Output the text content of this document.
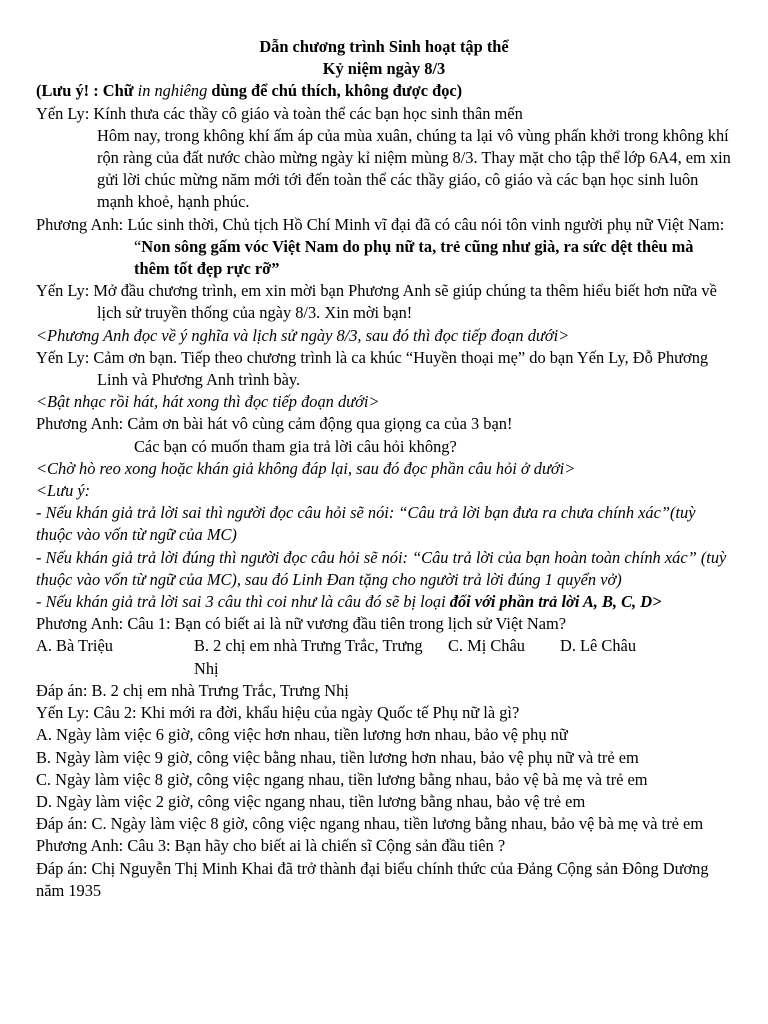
Dẫn chương trình Sinh hoạt tập thể

Kỷ niệm ngày 8/3

(Lưu ý! : Chữ in nghiêng dùng để chú thích, không được đọc)

Yến Ly: Kính thưa các thầy cô giáo và toàn thể các bạn học sinh thân mến

Hôm nay, trong không khí ấm áp của mùa xuân, chúng ta lại vô vùng phấn khởi trong không khí rộn ràng của đất nước chào mừng ngày kỉ niệm mùng 8/3. Thay mặt cho tập thể lớp 6A4, em xin gửi lời chúc mừng năm mới tới đến toàn thể các thầy giáo, cô giáo và các bạn học sinh luôn mạnh khoẻ, hạnh phúc.

Phương Anh: Lúc sinh thời, Chủ tịch Hồ Chí Minh vĩ đại đã có câu nói tôn vinh người phụ nữ Việt Nam: “Non sông gấm vóc Việt Nam do phụ nữ ta, trẻ cũng như già, ra sức dệt thêu mà thêm tốt đẹp rực rỡ”

Yến Ly: Mở đầu chương trình, em xin mời bạn Phương Anh sẽ giúp chúng ta thêm hiểu biết hơn nữa về lịch sử truyền thống của ngày 8/3. Xin mời bạn!

<Phương Anh đọc về ý nghĩa và lịch sử ngày 8/3, sau đó thì đọc tiếp đoạn dưới>

Yến Ly: Cảm ơn bạn. Tiếp theo chương trình là ca khúc “Huyền thoại mẹ” do bạn Yến Ly, Đỗ Phương Linh và Phương Anh trình bày.

<Bật nhạc rồi hát, hát xong thì đọc tiếp đoạn dưới>

Phương Anh: Cảm ơn bài hát vô cùng cảm động qua giọng ca của 3 bạn!

Các bạn có muốn tham gia trả lời câu hỏi không?

<Chờ hò reo xong hoặc khán giả không đáp lại, sau đó đọc phần câu hỏi ở dưới>

<Lưu ý:

- Nếu khán giả trả lời sai thì người đọc câu hỏi sẽ nói: “Câu trả lời bạn đưa ra chưa chính xác”(tuỳ thuộc vào vốn từ ngữ của MC)

- Nếu khán giả trả lời đúng thì người đọc câu hỏi sẽ nói: “Câu trả lời của bạn hoàn toàn chính xác” (tuỳ thuộc vào vốn từ ngữ của MC), sau đó Linh Đan tặng cho người trả lời đúng 1 quyển vở)

- Nếu khán giả trả lời sai 3 câu thì coi như là câu đó sẽ bị loại đối với phần trả lời A, B, C, D>

Phương Anh: Câu 1: Bạn có biết ai là nữ vương đầu tiên trong lịch sử Việt Nam?

A. Bà Triệu	B. 2 chị em nhà Trưng Trắc, Trưng Nhị
C. Mị Châu	D. Lê Châu

Đáp án: B. 2 chị em nhà Trưng Trắc, Trưng Nhị

Yến Ly: Câu 2: Khi mới ra đời, khẩu hiệu của ngày Quốc tế Phụ nữ là gì?

A. Ngày làm việc 6 giờ, công việc hơn nhau, tiền lương hơn nhau, bảo vệ phụ nữ

B. Ngày làm việc 9 giờ, công việc bằng nhau, tiền lương hơn nhau, bảo vệ phụ nữ và trẻ em

C. Ngày làm việc 8 giờ, công việc ngang nhau, tiền lương bằng nhau, bảo vệ bà mẹ và trẻ em

D. Ngày làm việc 2 giờ, công việc ngang nhau, tiền lương bằng nhau, bảo vệ trẻ em

Đáp án: C. Ngày làm việc 8 giờ, công việc ngang nhau, tiền lương bằng nhau, bảo vệ bà mẹ và trẻ em

Phương Anh: Câu 3: Bạn hãy cho biết ai là chiến sĩ Cộng sản đầu tiên ?

Đáp án: Chị Nguyễn Thị Minh Khai đã trở thành đại biểu chính thức của Đảng Cộng sản Đông Dương năm 1935
